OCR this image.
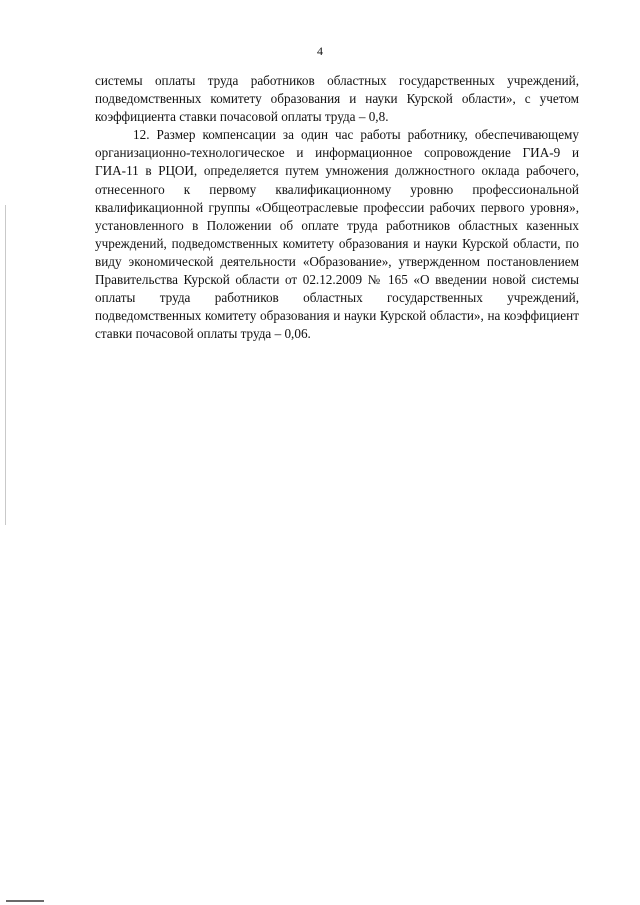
4

системы оплаты труда работников областных государственных учреждений, подведомственных комитету образования и науки Курской области», с учетом коэффициента ставки почасовой оплаты труда – 0,8.

12. Размер компенсации за один час работы работнику, обеспечивающему организационно-технологическое и информационное сопровождение ГИА-9 и ГИА-11 в РЦОИ, определяется путем умножения должностного оклада рабочего, отнесенного к первому квалификационному уровню профессиональной квалификационной группы «Общеотраслевые профессии рабочих первого уровня», установленного в Положении об оплате труда работников областных казенных учреждений, подведомственных комитету образования и науки Курской области, по виду экономической деятельности «Образование», утвержденном постановлением Правительства Курской области от 02.12.2009 № 165 «О введении новой системы оплаты труда работников областных государственных учреждений, подведомственных комитету образования и науки Курской области», на коэффициент ставки почасовой оплаты труда – 0,06.
